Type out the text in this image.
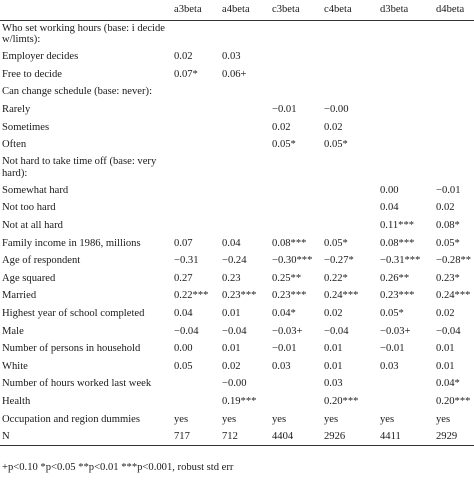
	a3beta	a4beta	c3beta	c4beta	d3beta	d4beta
Who set working hours (base: i decide w/limts):						
Employer decides	0.02	0.03				
Free to decide	0.07*	0.06+				
Can change schedule (base: never):						
Rarely			−0.01	−0.00		
Sometimes			0.02	0.02		
Often			0.05*	0.05*		
Not hard to take time off (base: very hard):						
Somewhat hard					0.00	−0.01
Not too hard					0.04	0.02
Not at all hard					0.11***	0.08*
Family income in 1986, millions	0.07	0.04	0.08***	0.05*	0.08***	0.05*
Age of respondent	−0.31	−0.24	−0.30***	−0.27*	−0.31***	−0.28**
Age squared	0.27	0.23	0.25**	0.22*	0.26**	0.23*
Married	0.22***	0.23***	0.23***	0.24***	0.23***	0.24***
Highest year of school completed	0.04	0.01	0.04*	0.02	0.05*	0.02
Male	−0.04	−0.04	−0.03+	−0.04	−0.03+	−0.04
Number of persons in household	0.00	0.01	−0.01	0.01	−0.01	0.01
White	0.05	0.02	0.03	0.01	0.03	0.01
Number of hours worked last week		−0.00		0.03		0.04*
Health		0.19***		0.20***		0.20***
Occupation and region dummies	yes	yes	yes	yes	yes	yes
N	717	712	4404	2926	4411	2929
+p<0.10 *p<0.05 **p<0.01 ***p<0.001, robust std err
